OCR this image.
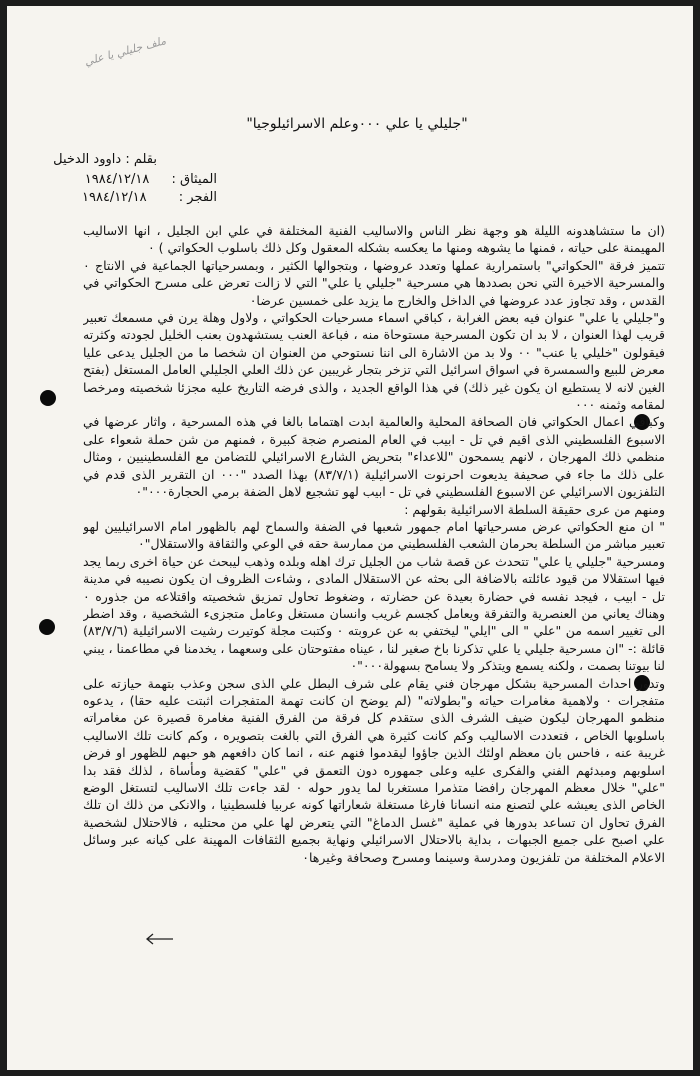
ملف جليلي يا علي
"جليلي يا علي ٠٠٠وعلم الاسرائيلوجيا"
بقلم : داوود الدخيل
الميثاق : ١٩٨٤/١٢/١٨
الفجر : ١٩٨٤/١٢/١٨

(ان ما ستشاهدونه الليلة هو وجهة نظر الناس والاساليب الفنية المختلفة في علي ابن الجليل ، انها الاساليب المهيمنة على حياته ، فمنها ما يشوهه ومنها ما يعكسه بشكله المعقول وكل ذلك باسلوب الحكواتي ) ٠

تتميز فرقة "الحكواتي" باستمرارية عملها وتعدد عروضها ، وبتجوالها الكثير ، وبمسرحياتها الجماعية في الانتاج ٠ والمسرحية الاخيرة التي نحن بصددها هي مسرحية "جليلي يا علي" التي لا زالت تعرض على مسرح الحكواتي في القدس ، وقد تجاوز عدد عروضها في الداخل والخارج ما يزيد على خمسين عرضا٠

و"جليلي يا علي" عنوان فيه بعض الغرابة ، كباقي اسماء مسرحيات الحكواتي ، ولاول وهلة يرن في مسمعك تعبير قريب لهذا العنوان ، لا بد ان تكون المسرحية مستوحاة منه ، فباعة العنب يستشهدون بعنب الخليل لجودته وكثرته فيقولون "خليلي يا عنب" ٠٠ ولا بد من الاشارة الى اننا نستوحي من العنوان ان شخصا ما من الجليل يدعى عليا معرض للبيع والسمسرة في اسواق اسرائيل التي تزخر بتجار غريبين عن ذلك العلي الجليلي العامل المستغل (بفتح الغين لانه لا يستطيع ان يكون غير ذلك) في هذا الواقع الجديد ، والذى فرضه التاريخ عليه مجزئا شخصيته ومرخصا لمقامه وثمنه ٠٠٠

وكباقي اعمال الحكواتي فان الصحافة المحلية والعالمية ابدت اهتماما بالغا في هذه المسرحية ، واثار عرضها في الاسبوع الفلسطيني الذى اقيم في تل - ابيب في العام المنصرم ضجة كبيرة ، فمنهم من شن حملة شعواء على منظمي ذلك المهرجان ، لانهم يسمحون "للاعداء" بتحريض الشارع الاسرائيلي للتضامن مع الفلسطينيين ، ومثال على ذلك ما جاء في صحيفة يديعوت احرنوت الاسرائيلية (٨٣/٧/١) بهذا الصدد "٠٠٠ ان التقرير الذى قدم في التلفزيون الاسرائيلي عن الاسبوع الفلسطيني في تل - ابيب لهو تشجيع لاهل الضفة برمي الحجارة٠٠٠"٠

ومنهم من عرى حقيقة السلطة الاسرائيلية بقولهم :

" ان منع الحكواتي عرض مسرحياتها امام جمهور شعبها في الضفة والسماح لهم بالظهور امام الاسرائيليين لهو تعبير مباشر من السلطة بحرمان الشعب الفلسطيني من ممارسة حقه في الوعي والثقافة والاستقلال"٠

ومسرحية "جليلي يا علي" تتحدث عن قصة شاب من الجليل ترك اهله وبلده وذهب ليبحث عن حياة اخرى ربما يجد فيها استقلالا من قيود عائلته بالاضافة الى بحثه عن الاستقلال المادى ، وشاءت الظروف ان يكون نصيبه في مدينة تل - ابيب ، فيجد نفسه في حضارة بعيدة عن حضارته ، وضغوط تحاول تمزيق شخصيته واقتلاعه من جذوره ٠ وهناك يعاني من العنصرية والتفرقة ويعامل كجسم غريب وانسان مستغل وعامل متجزىء الشخصية ، وقد اضطر الى تغيير اسمه من "علي " الى "ايلي" ليختفي به عن عروبته ٠ وكتبت مجلة كوتيرت رشيت الاسرائيلية (٨٣/٧/٦) قائلة :- "ان مسرحية جليلي يا علي تذكرنا باخ صغير لنا ، عيناه مفتوحتان على وسعهما ، يخدمنا في مطاعمنا ، يبني لنا بيوتنا بصمت ، ولكنه يسمع ويتذكر ولا يسامح بسهولة٠٠٠"٠

وتدور احداث المسرحية بشكل مهرجان فني يقام على شرف البطل علي الذى سجن وعذب بتهمة حيازته على متفجرات ٠ ولاهمية مغامرات حياته و"بطولاته" (لم يوضح ان كانت تهمة المتفجرات اثبتت عليه حقا) ، يدعوه منظمو المهرجان ليكون ضيف الشرف الذى ستقدم كل فرقة من الفرق الفنية مغامرة قصيرة عن مغامراته باسلوبها الخاص ، فتعددت الاساليب وكم كانت كثيرة هي الفرق التي بالغت بتصويره ، وكم كانت تلك الاساليب غريبة عنه ، فاحس بان معظم اولئك الذين جاؤوا ليقدموا فنهم عنه ، انما كان دافعهم هو حبهم للظهور او فرض اسلوبهم ومبدئهم الفني والفكرى عليه وعلى جمهوره دون التعمق في "علي" كقضية ومأساة ، لذلك فقد بدا "علي" خلال معظم المهرجان رافضا متذمرا مستغربا لما يدور حوله ٠ لقد جاءت تلك الاساليب لتستغل الوضع الخاص الذى يعيشه علي لتصنع منه انسانا فارغا مستغلة شعاراتها كونه عربيا فلسطينيا ، والانكى من ذلك ان تلك الفرق تحاول ان تساعد بدورها في عملية "غسل الدماغ" التي يتعرض لها علي من محتليه ، فالاحتلال لشخصية علي اصبح على جميع الجبهات ، بداية بالاحتلال الاسرائيلي ونهاية بجميع الثقافات المهينة على كيانه عبر وسائل الاعلام المختلفة من تلفزيون ومدرسة وسينما ومسرح وصحافة وغيرها٠
